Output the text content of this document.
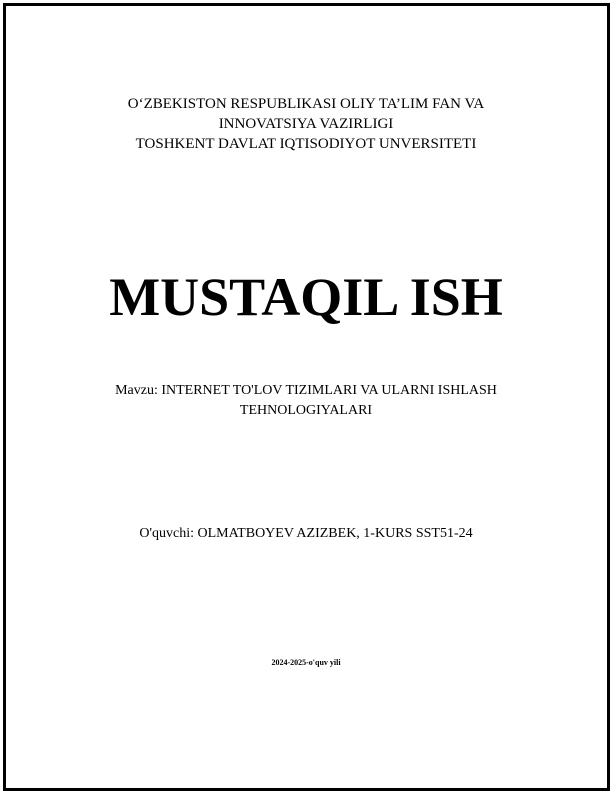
O‘ZBEKISTON RESPUBLIKASI OLIY TA’LIM FAN VA
INNOVATSIYA VAZIRLIGI
TOSHKENT DAVLAT IQTISODIYOT UNVERSITETI
MUSTAQIL ISH
Mavzu: INTERNET TO'LOV TIZIMLARI VA ULARNI ISHLASH
TEHNOLOGIYALARI
O'quvchi: OLMATBOYEV AZIZBEK, 1-KURS SST51-24
2024-2025-o'quv yili
